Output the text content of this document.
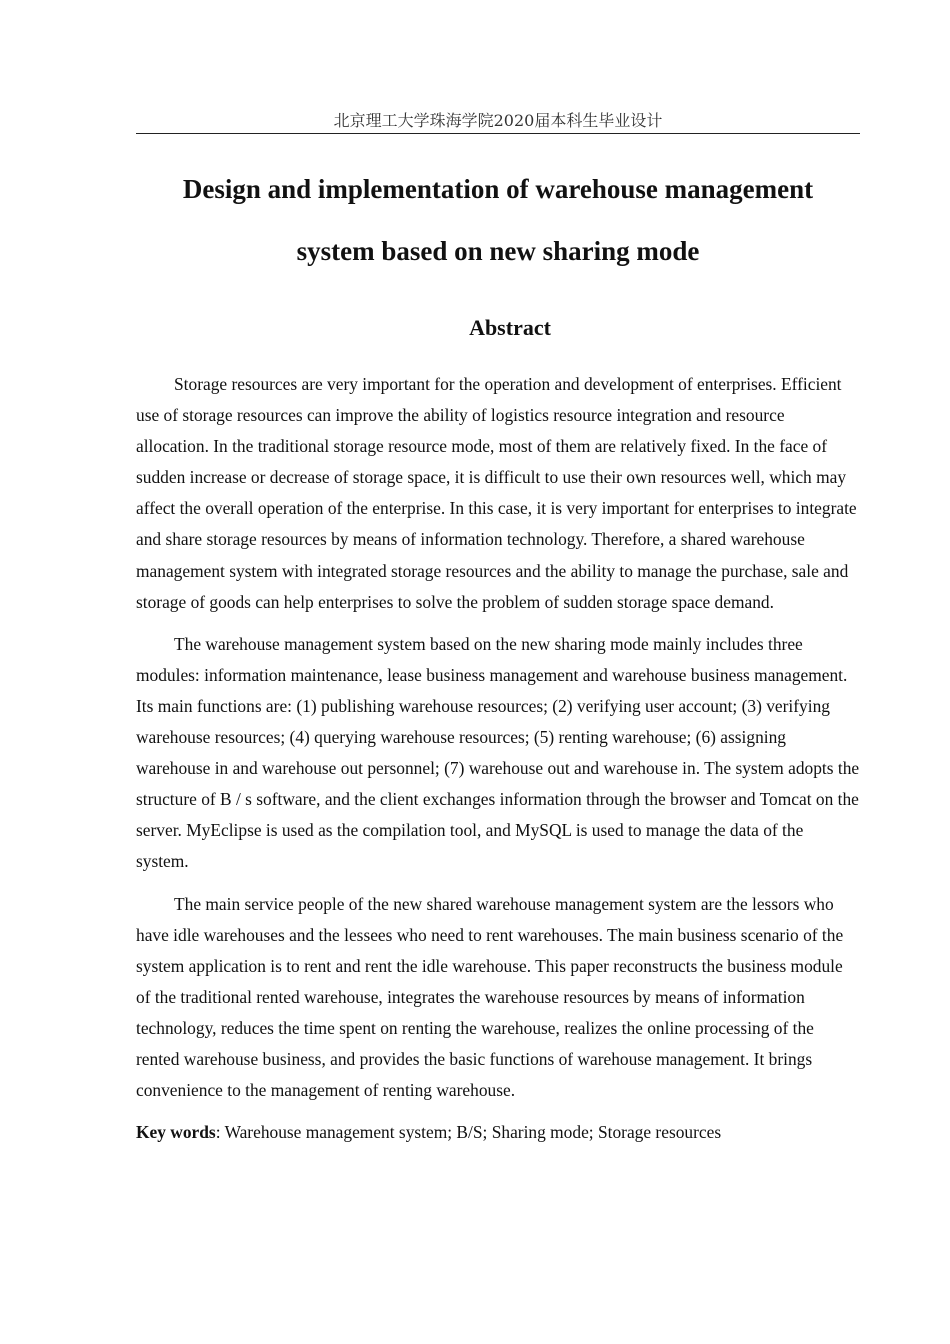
北京理工大学珠海学院2020届本科生毕业设计
Design and implementation of warehouse management
system based on new sharing mode
Abstract

Storage resources are very important for the operation and development of enterprises. Efficient use of storage resources can improve the ability of logistics resource integration and resource allocation. In the traditional storage resource mode, most of them are relatively fixed. In the face of sudden increase or decrease of storage space, it is difficult to use their own resources well, which may affect the overall operation of the enterprise. In this case, it is very important for enterprises to integrate and share storage resources by means of information technology. Therefore, a shared warehouse management system with integrated storage resources and the ability to manage the purchase, sale and storage of goods can help enterprises to solve the problem of sudden storage space demand.

The warehouse management system based on the new sharing mode mainly includes three modules: information maintenance, lease business management and warehouse business management. Its main functions are: (1) publishing warehouse resources; (2) verifying user account; (3) verifying warehouse resources; (4) querying warehouse resources; (5) renting warehouse; (6) assigning warehouse in and warehouse out personnel; (7) warehouse out and warehouse in. The system adopts the structure of B / s software, and the client exchanges information through the browser and Tomcat on the server. MyEclipse is used as the compilation tool, and MySQL is used to manage the data of the system.

The main service people of the new shared warehouse management system are the lessors who have idle warehouses and the lessees who need to rent warehouses. The main business scenario of the system application is to rent and rent the idle warehouse. This paper reconstructs the business module of the traditional rented warehouse, integrates the warehouse resources by means of information technology, reduces the time spent on renting the warehouse, realizes the online processing of the rented warehouse business, and provides the basic functions of warehouse management. It brings convenience to the management of renting warehouse.

Key words: Warehouse management system; B/S; Sharing mode; Storage resources
